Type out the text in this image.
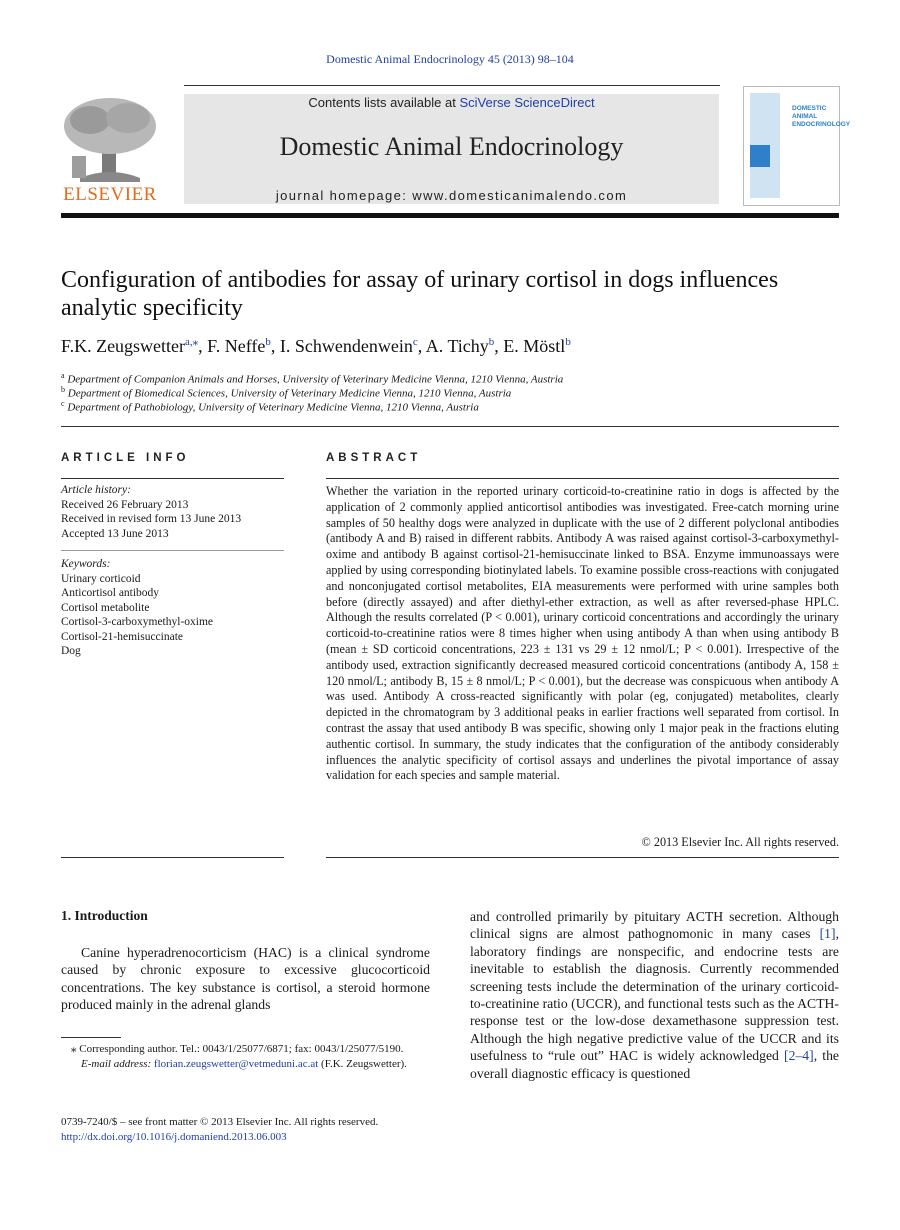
Domestic Animal Endocrinology 45 (2013) 98–104
ELSEVIER
Contents lists available at SciVerse ScienceDirect
Domestic Animal Endocrinology
journal homepage: www.domesticanimalendo.com
DOMESTIC
ANIMAL
ENDOCRINOLOGY
Configuration of antibodies for assay of urinary cortisol in dogs influences analytic specificity
F.K. Zeugswetter$^{a,⁎}$, F. Neffe$^b$, I. Schwendenwein$^c$, A. Tichy$^b$, E. Möstl$^b$
$^a$ Department of Companion Animals and Horses, University of Veterinary Medicine Vienna, 1210 Vienna, Austria
$^b$ Department of Biomedical Sciences, University of Veterinary Medicine Vienna, 1210 Vienna, Austria
$^c$ Department of Pathobiology, University of Veterinary Medicine Vienna, 1210 Vienna, Austria
ARTICLE INFO
Article history:
Received 26 February 2013
Received in revised form 13 June 2013
Accepted 13 June 2013
Keywords:
Urinary corticoid
Anticortisol antibody
Cortisol metabolite
Cortisol-3-carboxymethyl-oxime
Cortisol-21-hemisuccinate
Dog
ABSTRACT
Whether the variation in the reported urinary corticoid-to-creatinine ratio in dogs is affected by the application of 2 commonly applied anticortisol antibodies was investigated. Free-catch morning urine samples of 50 healthy dogs were analyzed in duplicate with the use of 2 different polyclonal antibodies (antibody A and B) raised in different rabbits. Antibody A was raised against cortisol-3-carboxymethyl-oxime and antibody B against cortisol-21-hemisuccinate linked to BSA. Enzyme immunoassays were applied by using corresponding biotinylated labels. To examine possible cross-reactions with conjugated and nonconjugated cortisol metabolites, EIA measurements were performed with urine samples both before (directly assayed) and after diethyl-ether extraction, as well as after reversed-phase HPLC. Although the results correlated (P < 0.001), urinary corticoid concentrations and accordingly the urinary corticoid-to-creatinine ratios were 8 times higher when using antibody A than when using antibody B (mean ± SD corticoid concentrations, 223 ± 131 vs 29 ± 12 nmol/L; P < 0.001). Irrespective of the antibody used, extraction significantly decreased measured corticoid concentrations (antibody A, 158 ± 120 nmol/L; antibody B, 15 ± 8 nmol/L; P < 0.001), but the decrease was conspicuous when antibody A was used. Antibody A cross-reacted significantly with polar (eg, conjugated) metabolites, clearly depicted in the chromatogram by 3 additional peaks in earlier fractions well separated from cortisol. In contrast the assay that used antibody B was specific, showing only 1 major peak in the fractions eluting authentic cortisol. In summary, the study indicates that the configuration of the antibody considerably influences the analytic specificity of cortisol assays and underlines the pivotal importance of assay validation for each species and sample material.
© 2013 Elsevier Inc. All rights reserved.
1. Introduction
Canine hyperadrenocorticism (HAC) is a clinical syndrome caused by chronic exposure to excessive glucocorticoid concentrations. The key substance is cortisol, a steroid hormone produced mainly in the adrenal glands
and controlled primarily by pituitary ACTH secretion. Although clinical signs are almost pathognomonic in many cases [1], laboratory findings are nonspecific, and endocrine tests are inevitable to establish the diagnosis. Currently recommended screening tests include the determination of the urinary corticoid-to-creatinine ratio (UCCR), and functional tests such as the ACTH-response test or the low-dose dexamethasone suppression test. Although the high negative predictive value of the UCCR and its usefulness to “rule out” HAC is widely acknowledged [2–4], the overall diagnostic efficacy is questioned
⁎ Corresponding author. Tel.: 0043/1/25077/6871; fax: 0043/1/25077/5190.
E-mail address: florian.zeugswetter@vetmeduni.ac.at (F.K. Zeugswetter).
0739-7240/$ – see front matter © 2013 Elsevier Inc. All rights reserved.
http://dx.doi.org/10.1016/j.domaniend.2013.06.003
